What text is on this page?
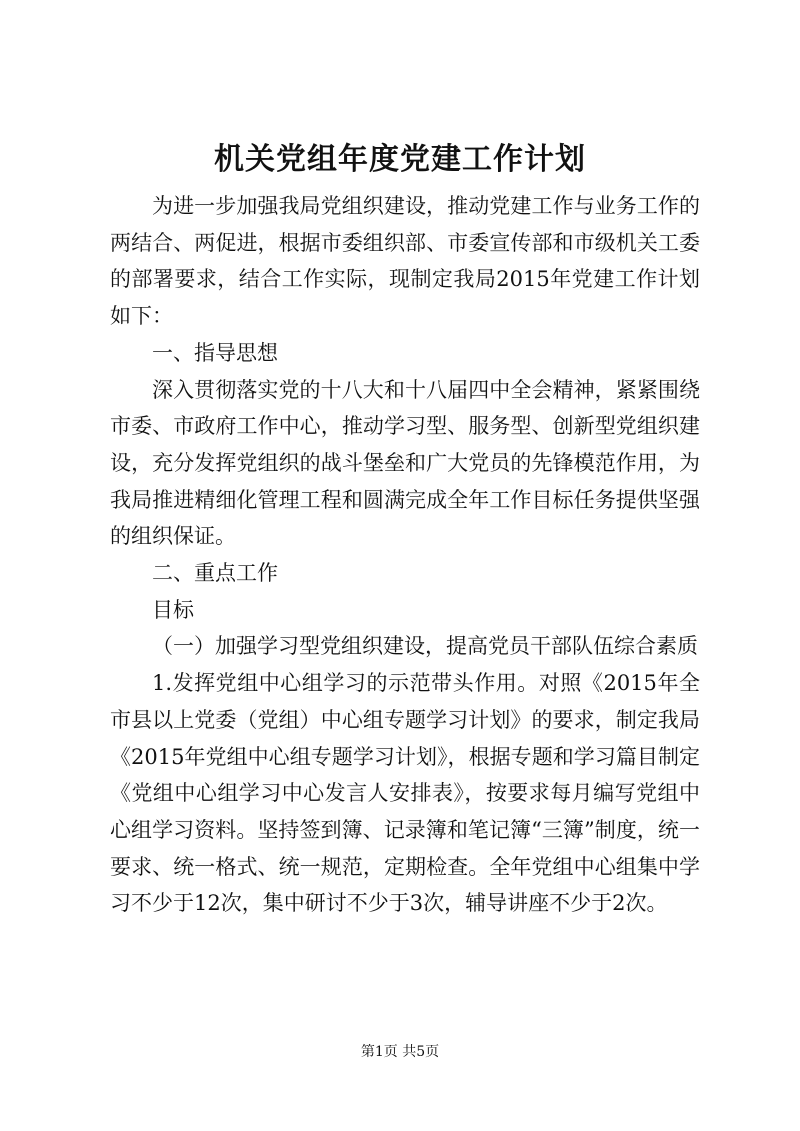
机关党组年度党建工作计划

为进一步加强我局党组织建设，推动党建工作与业务工作的两结合、两促进，根据市委组织部、市委宣传部和市级机关工委的部署要求，结合工作实际，现制定我局2015年党建工作计划如下：

一、指导思想

深入贯彻落实党的十八大和十八届四中全会精神，紧紧围绕市委、市政府工作中心，推动学习型、服务型、创新型党组织建设，充分发挥党组织的战斗堡垒和广大党员的先锋模范作用，为我局推进精细化管理工程和圆满完成全年工作目标任务提供坚强的组织保证。

二、重点工作

目标

（一）加强学习型党组织建设，提高党员干部队伍综合素质

1.发挥党组中心组学习的示范带头作用。对照《2015年全市县以上党委（党组）中心组专题学习计划》的要求，制定我局《2015年党组中心组专题学习计划》，根据专题和学习篇目制定《党组中心组学习中心发言人安排表》，按要求每月编写党组中心组学习资料。坚持签到簿、记录簿和笔记簿“三簿”制度，统一要求、统一格式、统一规范，定期检查。全年党组中心组集中学习不少于12次，集中研讨不少于3次，辅导讲座不少于2次。

第1页 共5页
